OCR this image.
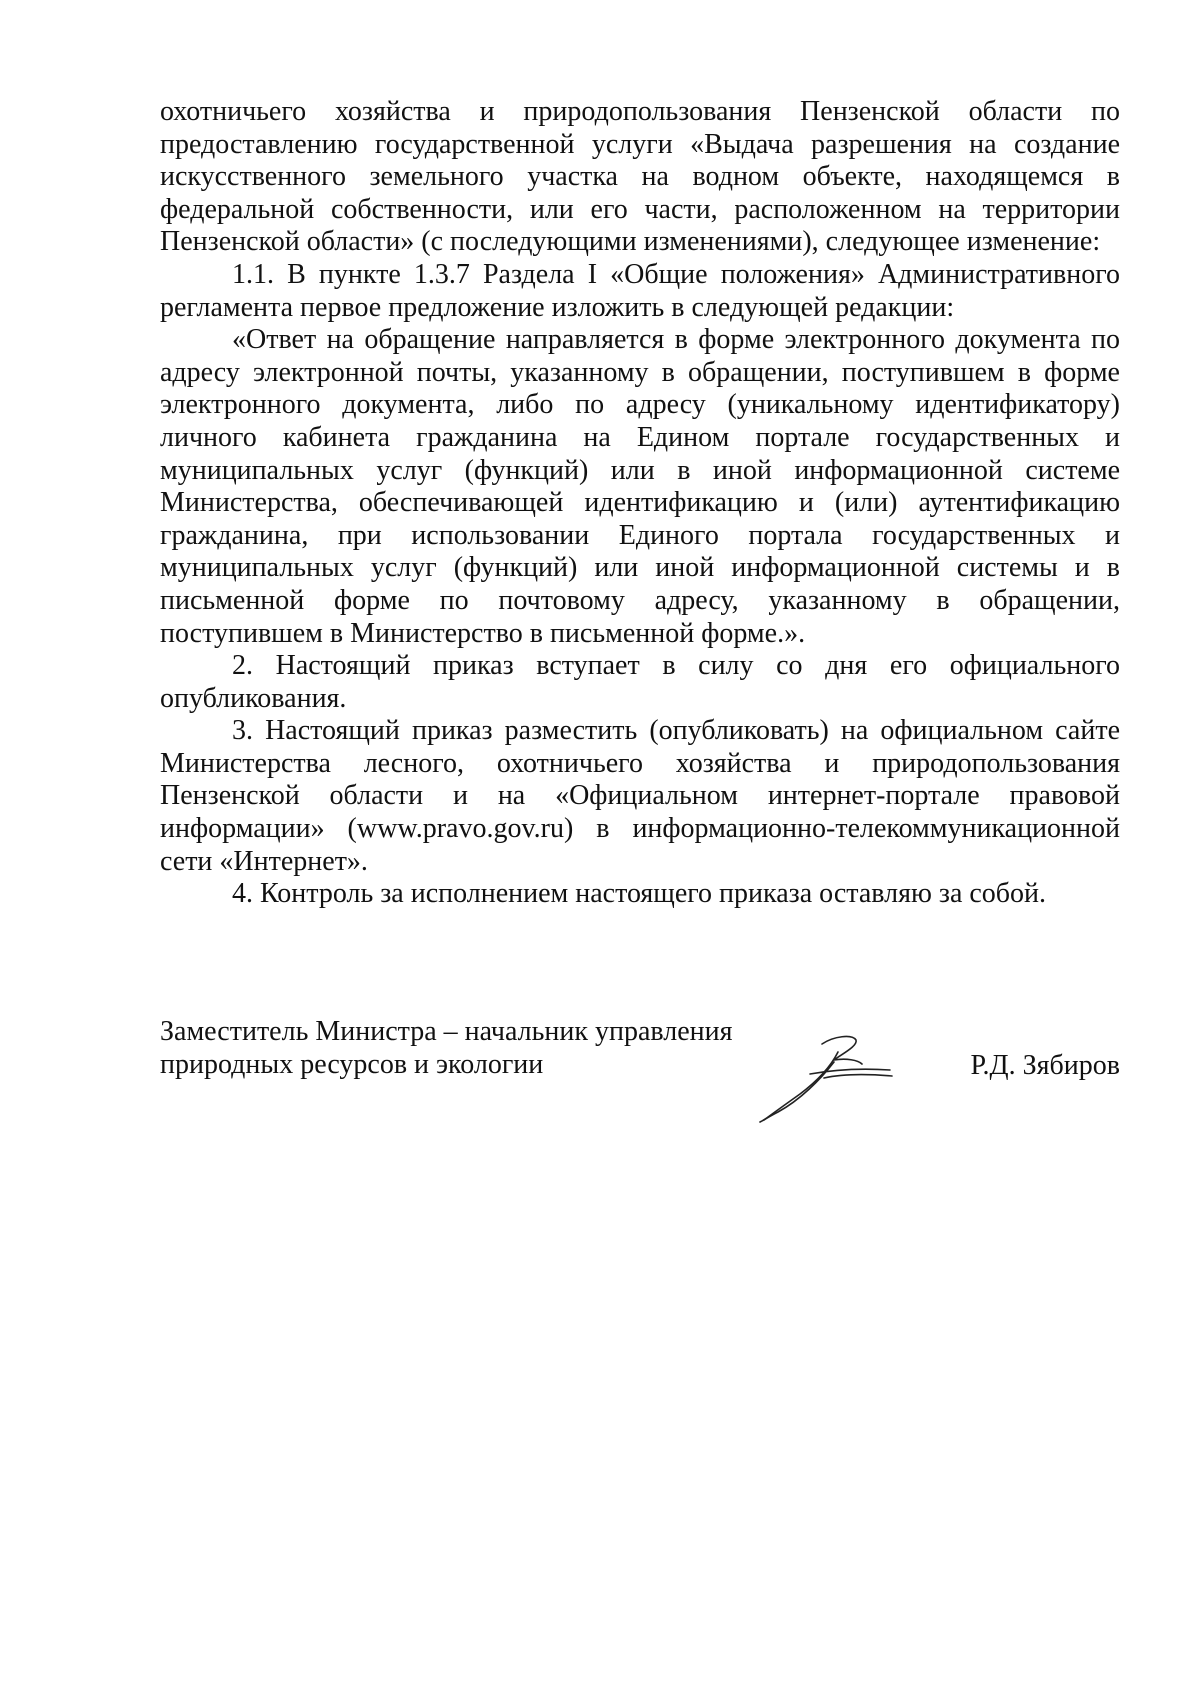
охотничьего хозяйства и природопользования Пензенской области по предоставлению государственной услуги «Выдача разрешения на создание искусственного земельного участка на водном объекте, находящемся в федеральной собственности, или его части, расположенном на территории Пензенской области» (с последующими изменениями), следующее изменение:

1.1. В пункте 1.3.7 Раздела I «Общие положения» Административного регламента первое предложение изложить в следующей редакции:

«Ответ на обращение направляется в форме электронного документа по адресу электронной почты, указанному в обращении, поступившем в форме электронного документа, либо по адресу (уникальному идентификатору) личного кабинета гражданина на Едином портале государственных и муниципальных услуг (функций) или в иной информационной системе Министерства, обеспечивающей идентификацию и (или) аутентификацию гражданина, при использовании Единого портала государственных и муниципальных услуг (функций) или иной информационной системы и в письменной форме по почтовому адресу, указанному в обращении, поступившем в Министерство в письменной форме.».

2. Настоящий приказ вступает в силу со дня его официального опубликования.

3. Настоящий приказ разместить (опубликовать) на официальном сайте Министерства лесного, охотничьего хозяйства и природопользования Пензенской области и на «Официальном интернет-портале правовой информации» (www.pravo.gov.ru) в информационно-телекоммуникационной сети «Интернет».

4. Контроль за исполнением настоящего приказа оставляю за собой.

Заместитель Министра – начальник управления
природных ресурсов и экологии	Р.Д. Зябиров
